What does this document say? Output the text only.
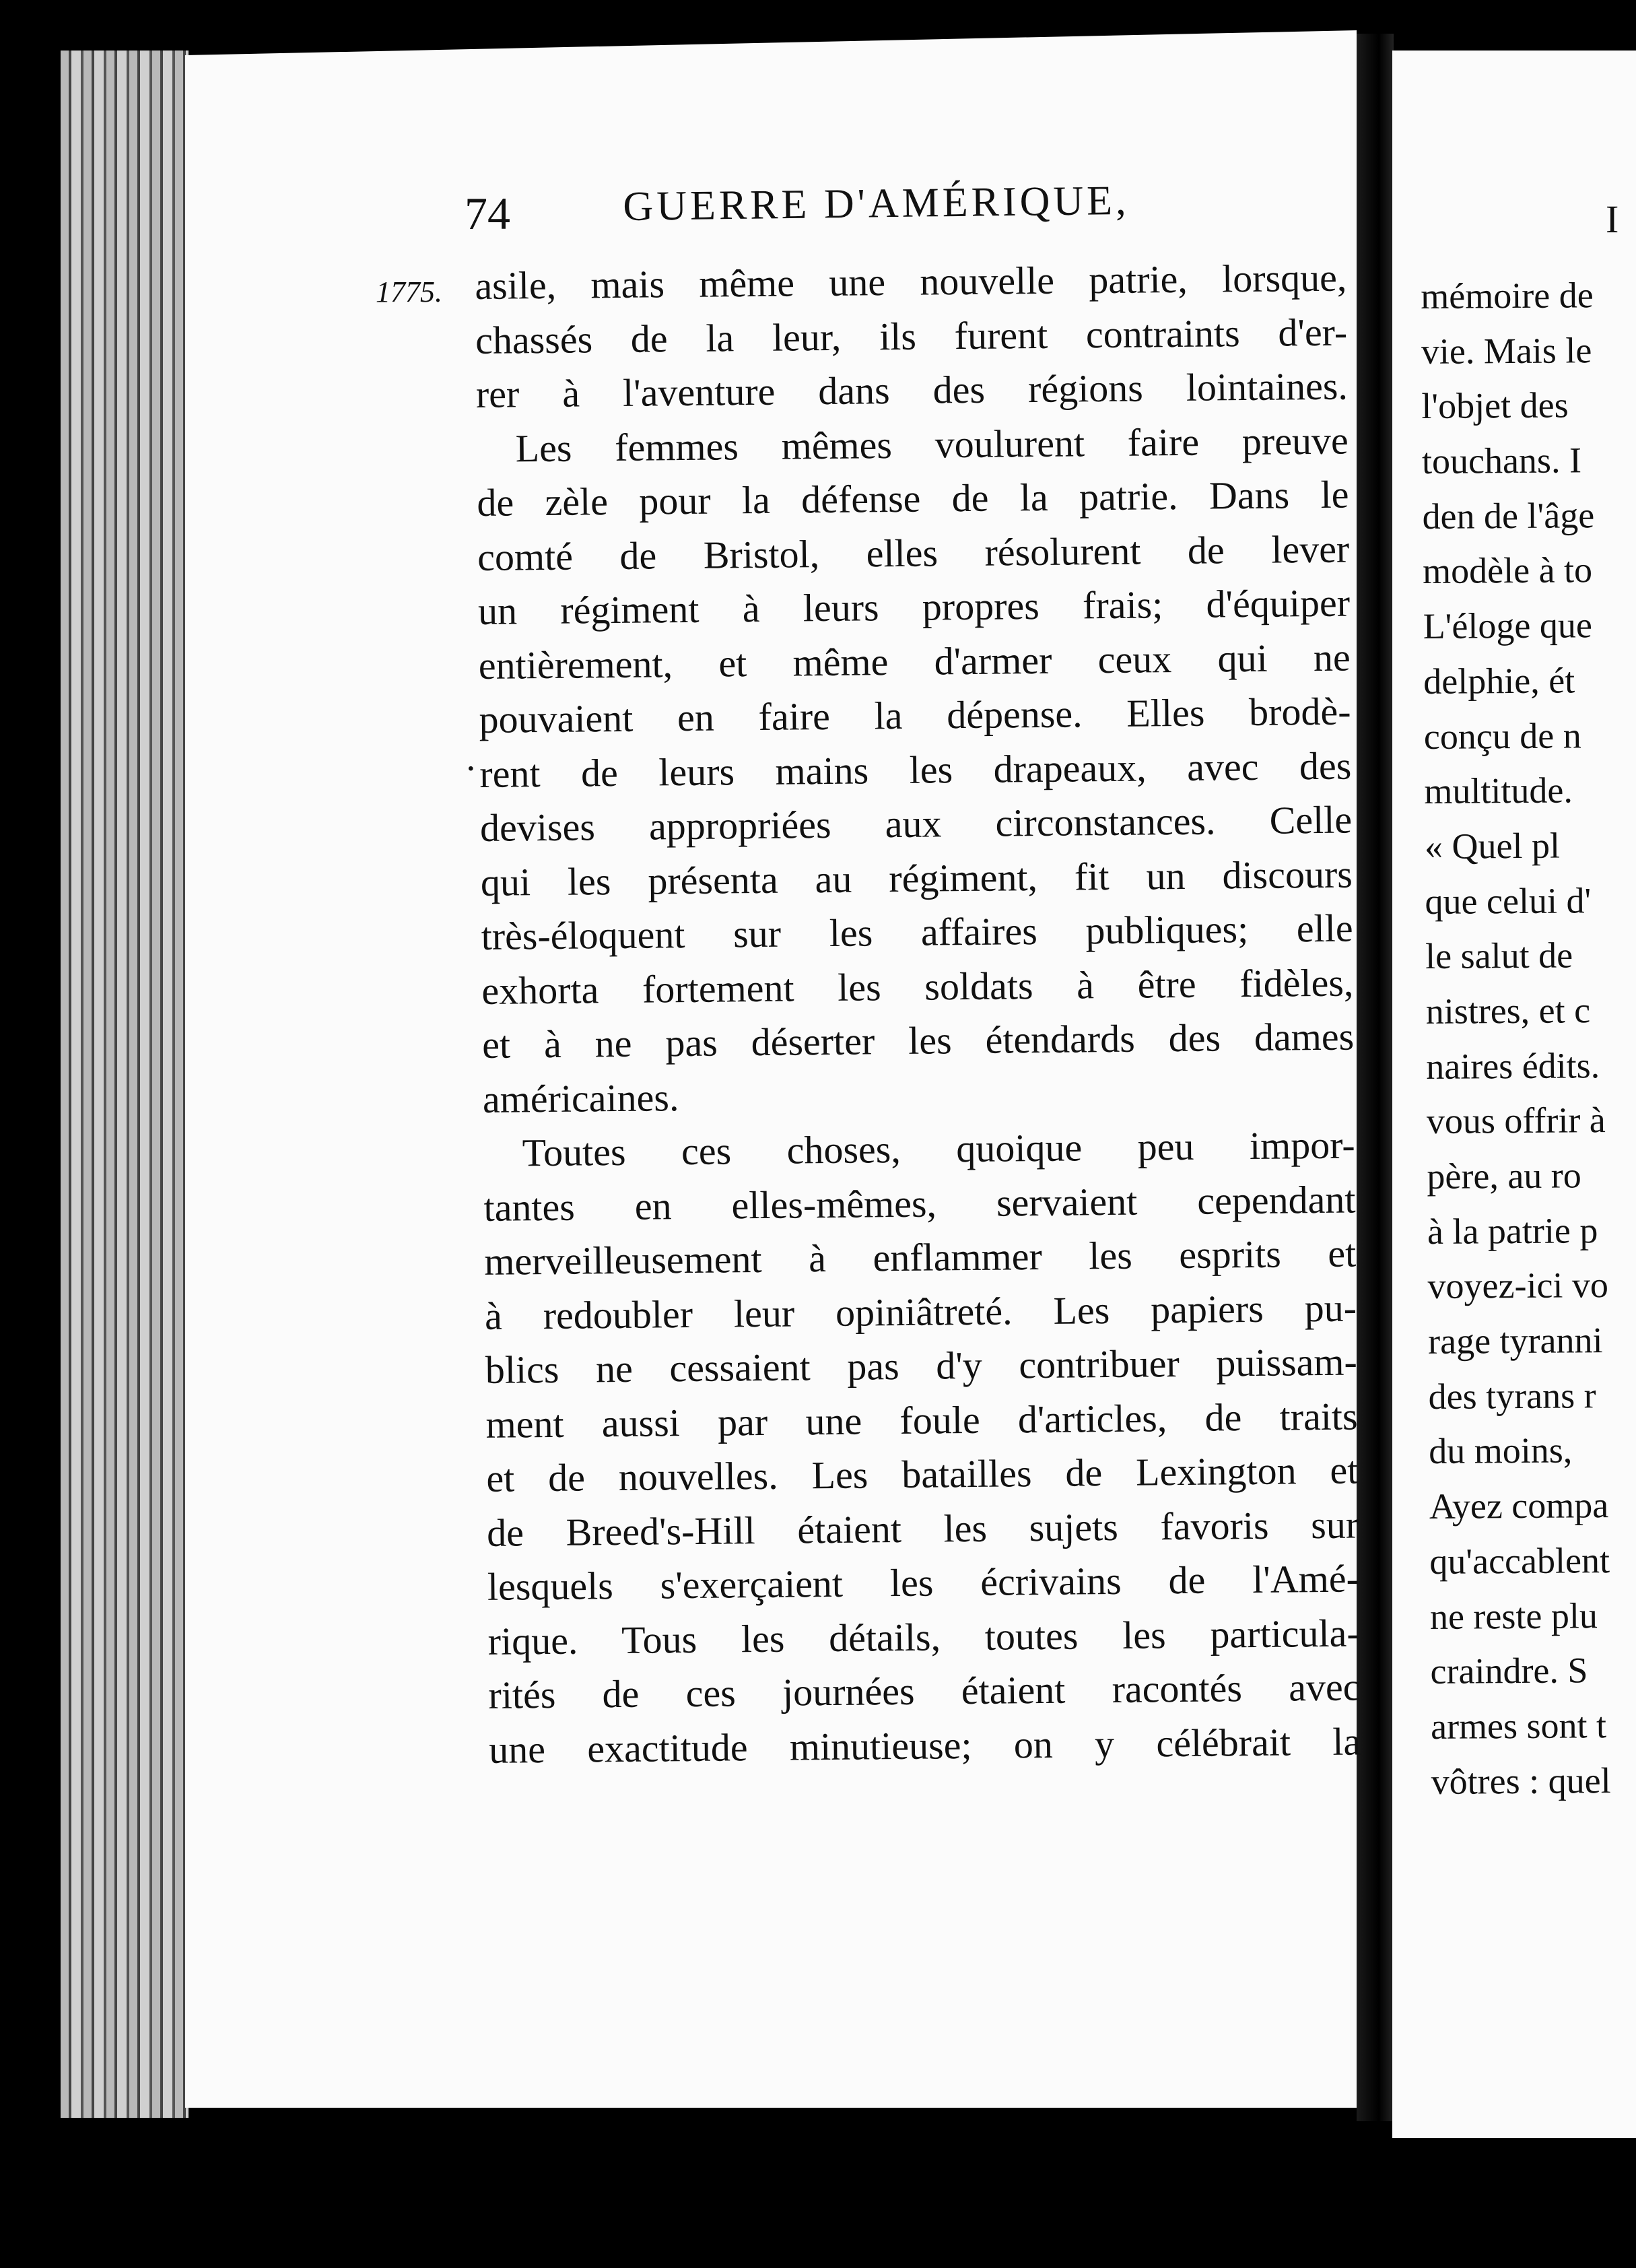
74	GUERRE D'AMÉRIQUE,
1775.
·
asile, mais même une nouvelle patrie, lorsque,
chassés de la leur, ils furent contraints d'er-
rer à l'aventure dans des régions lointaines.
Les femmes mêmes voulurent faire preuve
de zèle pour la défense de la patrie. Dans le
comté de Bristol, elles résolurent de lever
un régiment à leurs propres frais; d'équiper
entièrement, et même d'armer ceux qui ne
pouvaient en faire la dépense. Elles brodè-
rent de leurs mains les drapeaux, avec des
devises appropriées aux circonstances. Celle
qui les présenta au régiment, fit un discours
très-éloquent sur les affaires publiques; elle
exhorta fortement les soldats à être fidèles,
et à ne pas déserter les étendards des dames
américaines.
Toutes ces choses, quoique peu impor-
tantes en elles-mêmes, servaient cependant
merveilleusement à enflammer les esprits et
à redoubler leur opiniâtreté. Les papiers pu-
blics ne cessaient pas d'y contribuer puissam-
ment aussi par une foule d'articles, de traits
et de nouvelles. Les batailles de Lexington et
de Breed's-Hill étaient les sujets favoris sur
lesquels s'exerçaient les écrivains de l'Amé-
rique. Tous les détails, toutes les particula-
rités de ces journées étaient racontés avec
une exactitude minutieuse; on y célébrait la
I
mémoire de
vie. Mais le
l'objet des
touchans. I
den de l'âge
modèle à to
L'éloge que
delphie, ét
conçu de n
multitude.
« Quel pl
que celui d'
le salut de
nistres, et c
naires édits.
vous offrir à
père, au ro
à la patrie p
voyez-ici vo
rage tyranni
des tyrans r
du moins,
Ayez compa
qu'accablent
ne reste plu
craindre. S
armes sont t
vôtres : quel
